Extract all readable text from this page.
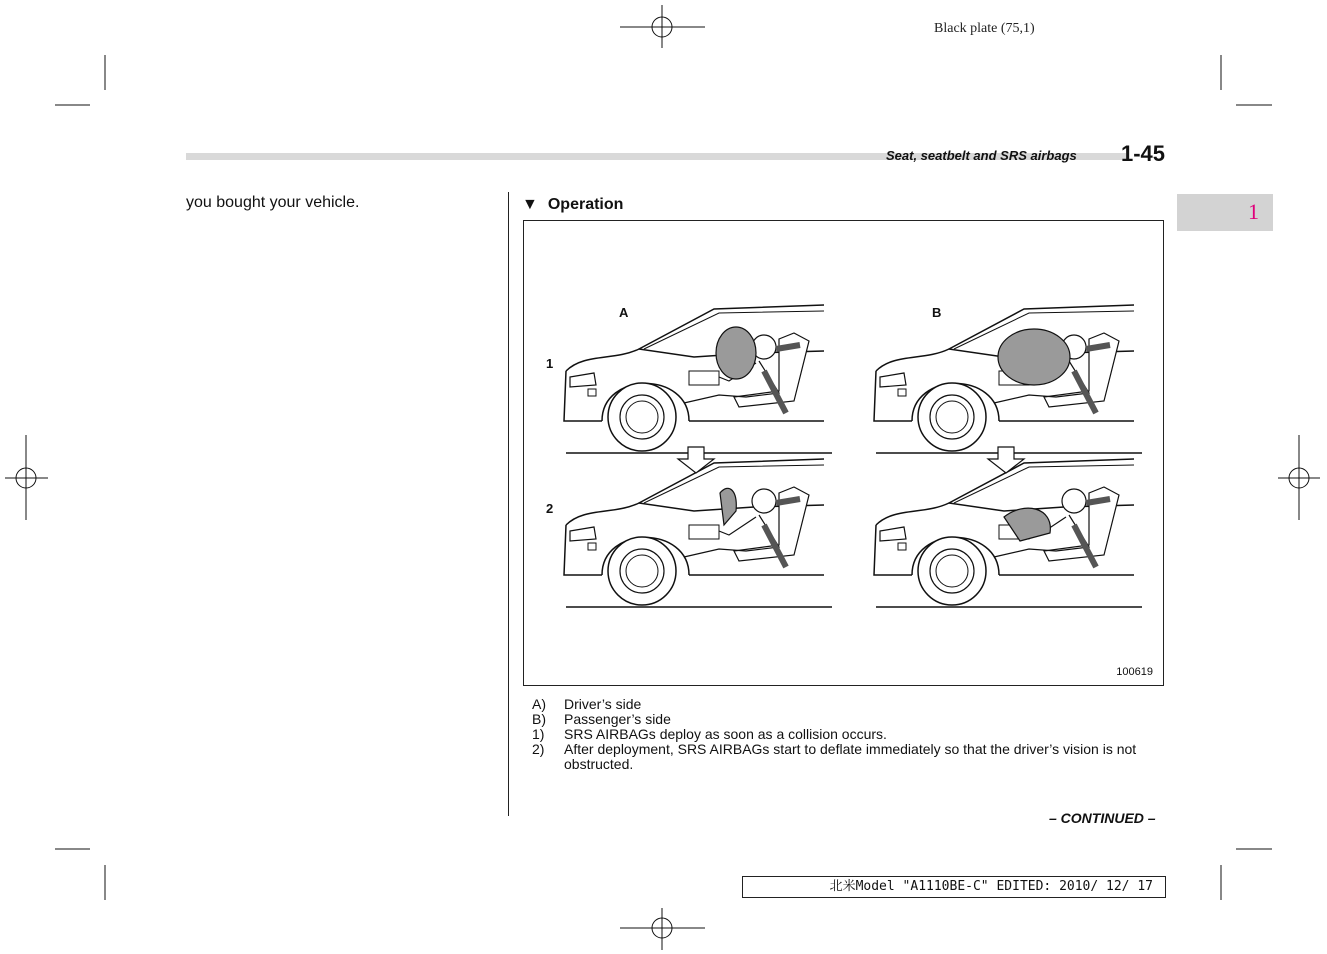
Black plate (75,1)
Seat, seatbelt and SRS airbags 1-45
1
you bought your vehicle.	▼ Operation
A	B
1
2
100619
A)	Driver’s side
B)	Passenger’s side
1)	SRS AIRBAGs deploy as soon as a collision occurs.
2)	After deployment, SRS AIRBAGs start to deflate immediately so that the driver’s vision is not obstructed.
– CONTINUED –
北米Model "A1110BE-C" EDITED: 2010/ 12/ 17
